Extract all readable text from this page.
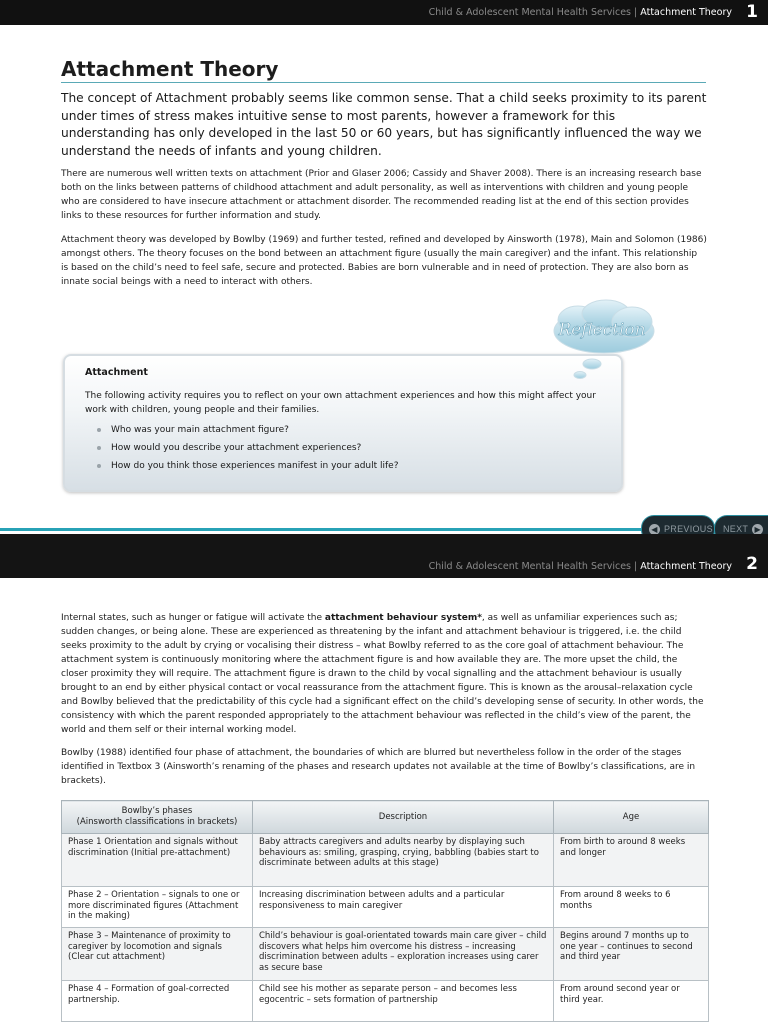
Child & Adolescent Mental Health Services | Attachment Theory 1
Attachment Theory

The concept of Attachment probably seems like common sense. That a child seeks proximity to its parent under times of stress makes intuitive sense to most parents, however a framework for this understanding has only developed in the last 50 or 60 years, but has significantly influenced the way we understand the needs of infants and young children.

There are numerous well written texts on attachment (Prior and Glaser 2006; Cassidy and Shaver 2008). There is an increasing research base both on the links between patterns of childhood attachment and adult personality, as well as interventions with children and young people who are considered to have insecure attachment or attachment disorder. The recommended reading list at the end of this section provides links to these resources for further information and study.

Attachment theory was developed by Bowlby (1969) and further tested, refined and developed by Ainsworth (1978), Main and Solomon (1986) amongst others. The theory focuses on the bond between an attachment figure (usually the main caregiver) and the infant. This relationship is based on the child’s need to feel safe, secure and protected. Babies are born vulnerable and in need of protection. They are also born as innate social beings with a need to interact with others.

Attachment

The following activity requires you to reflect on your own attachment experiences and how this might affect your work with children, young people and their families.

Who was your main attachment figure?
How would you describe your attachment experiences?
How do you think those experiences manifest in your adult life?
Reflection
◀ PREVIOUS NEXT ▶
Child & Adolescent Mental Health Services | Attachment Theory 2

Internal states, such as hunger or fatigue will activate the attachment behaviour system*, as well as unfamiliar experiences such as; sudden changes, or being alone. These are experienced as threatening by the infant and attachment behaviour is triggered, i.e. the child seeks proximity to the adult by crying or vocalising their distress – what Bowlby referred to as the core goal of attachment behaviour. The attachment system is continuously monitoring where the attachment figure is and how available they are. The more upset the child, the closer proximity they will require. The attachment figure is drawn to the child by vocal signalling and the attachment behaviour is usually brought to an end by either physical contact or vocal reassurance from the attachment figure. This is known as the arousal–relaxation cycle and Bowlby believed that the predictability of this cycle had a significant effect on the child’s developing sense of security. In other words, the consistency with which the parent responded appropriately to the attachment behaviour was reflected in the child’s view of the parent, the world and them self or their internal working model.

Bowlby (1988) identified four phase of attachment, the boundaries of which are blurred but nevertheless follow in the order of the stages identified in Textbox 3 (Ainsworth’s renaming of the phases and research updates not available at the time of Bowlby’s classifications, are in brackets).

Bowlby’s phases
(Ainsworth classifications in brackets)	Description	Age
Phase 1 Orientation and signals without discrimination (Initial pre-attachment)	Baby attracts caregivers and adults nearby by displaying such behaviours as: smiling, grasping, crying, babbling (babies start to discriminate between adults at this stage)	From birth to around 8 weeks and longer
Phase 2 – Orientation – signals to one or more discriminated figures (Attachment in the making)	Increasing discrimination between adults and a particular responsiveness to main caregiver	From around 8 weeks to 6 months
Phase 3 – Maintenance of proximity to caregiver by locomotion and signals (Clear cut attachment)	Child’s behaviour is goal-orientated towards main care giver – child discovers what helps him overcome his distress – increasing discrimination between adults – exploration increases using carer as secure base	Begins around 7 months up to one year – continues to second and third year
Phase 4 – Formation of goal-corrected partnership.	Child see his mother as separate person – and becomes less egocentric – sets formation of partnership	From around second year or third year.
